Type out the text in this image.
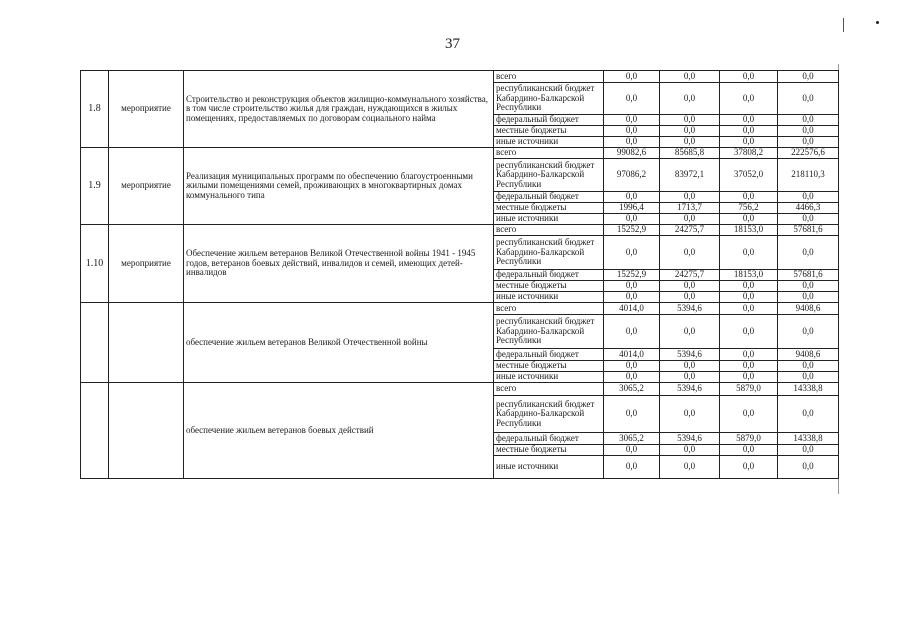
37
1.8	мероприятие	Строительство и реконструкция объектов жилищно-коммунального хозяйства, в том числе строительство жилья для граждан, нуждающихся в жилых помещениях, предоставляемых по договорам социального найма	всего	0,0	0,0	0,0	0,0
			республиканский бюджет Кабардино-Балкарской Республики	0,0	0,0	0,0	0,0
			федеральный бюджет	0,0	0,0	0,0	0,0
			местные бюджеты	0,0	0,0	0,0	0,0
			иные источники	0,0	0,0	0,0	0,0
1.9	мероприятие	Реализация муниципальных программ по обеспечению благоустроенными жилыми помещениями семей, проживающих в многоквартирных домах коммунального типа	всего	99082,6	85685,8	37808,2	222576,6
			республиканский бюджет Кабардино-Балкарской Республики	97086,2	83972,1	37052,0	218110,3
			федеральный бюджет	0,0	0,0	0,0	0,0
			местные бюджеты	1996,4	1713,7	756,2	4466,3
			иные источники	0,0	0,0	0,0	0,0
1.10	мероприятие	Обеспечение жильем ветеранов Великой Отечественной войны 1941 - 1945 годов, ветеранов боевых действий, инвалидов и семей, имеющих детей-инвалидов	всего	15252,9	24275,7	18153,0	57681,6
			республиканский бюджет Кабардино-Балкарской Республики	0,0	0,0	0,0	0,0
			федеральный бюджет	15252,9	24275,7	18153,0	57681,6
			местные бюджеты	0,0	0,0	0,0	0,0
			иные источники	0,0	0,0	0,0	0,0
		обеспечение жильем ветеранов Великой Отечественной войны	всего	4014,0	5394,6	0,0	9408,6
			республиканский бюджет Кабардино-Балкарской Республики	0,0	0,0	0,0	0,0
			федеральный бюджет	4014,0	5394,6	0,0	9408,6
			местные бюджеты	0,0	0,0	0,0	0,0
			иные источники	0,0	0,0	0,0	0,0
		обеспечение жильем ветеранов боевых действий	всего	3065,2	5394,6	5879,0	14338,8
			республиканский бюджет Кабардино-Балкарской Республики	0,0	0,0	0,0	0,0
			федеральный бюджет	3065,2	5394,6	5879,0	14338,8
			местные бюджеты	0,0	0,0	0,0	0,0
			иные источники	0,0	0,0	0,0	0,0
